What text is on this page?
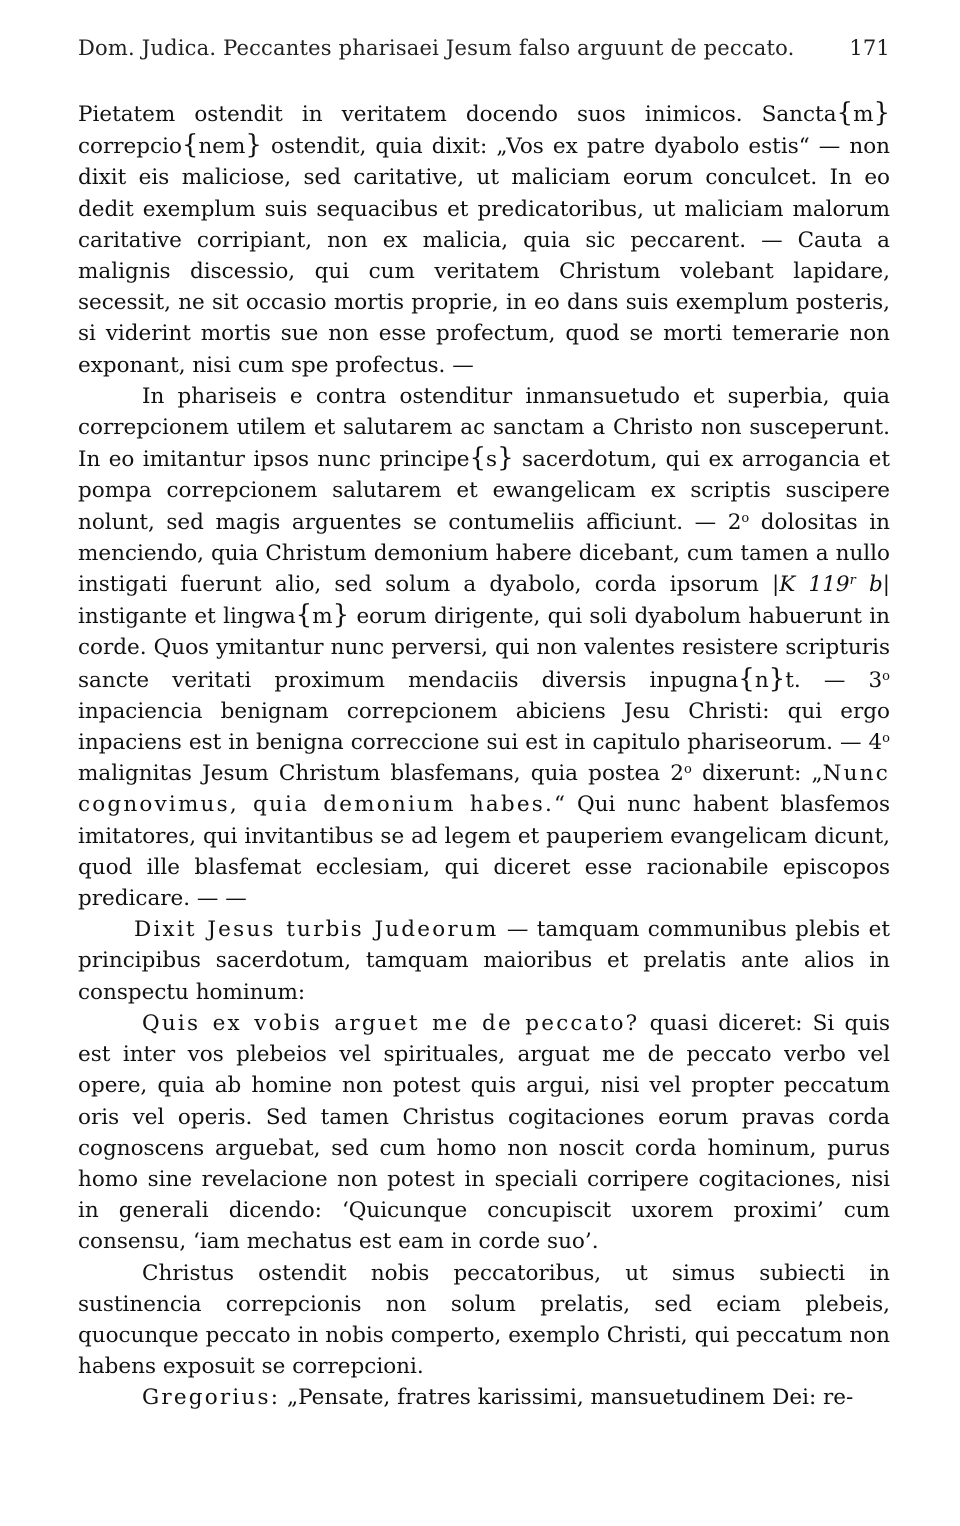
Dom. Judica. Peccantes pharisaei Jesum falso arguunt de peccato.	171

Pietatem ostendit in veritatem docendo suos inimicos. Sancta{m} correpcio{nem} ostendit, quia dixit: „Vos ex patre dyabolo estis“ — non dixit eis maliciose, sed caritative, ut maliciam eorum conculcet. In eo dedit exemplum suis sequacibus et predicatoribus, ut maliciam malorum caritative corripiant, non ex malicia, quia sic peccarent. — Cauta a malignis discessio, qui cum veritatem Christum volebant lapidare, secessit, ne sit occasio mortis proprie, in eo dans suis exemplum posteris, si viderint mortis sue non esse profectum, quod se morti temerarie non exponant, nisi cum spe profectus. —

In phariseis e contra ostenditur inmansuetudo et superbia, quia correpcionem utilem et salutarem ac sanctam a Christo non susceperunt. In eo imitantur ipsos nunc principe{s} sacerdotum, qui ex arrogancia et pompa correpcionem salutarem et ewangelicam ex scriptis suscipere nolunt, sed magis arguentes se contumeliis afficiunt. — 2$^o$ dolositas in menciendo, quia Christum demonium habere dicebant, cum tamen a nullo instigati fuerunt alio, sed solum a dyabolo, corda ipsorum |K 119$^r$ b| instigante et lingwa{m} eorum dirigente, qui soli dyabolum habuerunt in corde. Quos ymitantur nunc perversi, qui non valentes resistere scripturis sancte veritati proximum mendaciis diversis inpugna{n}t. — 3$^o$ inpaciencia benignam correpcionem abiciens Jesu Christi: qui ergo inpaciens est in benigna correccione sui est in capitulo phariseorum. — 4$^o$ malignitas Jesum Christum blasfemans, quia postea 2$^o$ dixerunt: „Nunc cognovimus, quia demonium habes.“ Qui nunc habent blasfemos imitatores, qui invitantibus se ad legem et pauperiem evangelicam dicunt, quod ille blasfemat ecclesiam, qui diceret esse racionabile episcopos predicare. — —

Dixit Jesus turbis Judeorum — tamquam communibus plebis et principibus sacerdotum, tamquam maioribus et prelatis ante alios in conspectu hominum:

Quis ex vobis arguet me de peccato? quasi diceret: Si quis est inter vos plebeios vel spirituales, arguat me de peccato verbo vel opere, quia ab homine non potest quis argui, nisi vel propter peccatum oris vel operis. Sed tamen Christus cogitaciones eorum pravas corda cognoscens arguebat, sed cum homo non noscit corda hominum, purus homo sine revelacione non potest in speciali corripere cogitaciones, nisi in generali dicendo: ‘Quicunque concupiscit uxorem proximi’ cum consensu, ‘iam mechatus est eam in corde suo’.

Christus ostendit nobis peccatoribus, ut simus subiecti in sustinencia correpcionis non solum prelatis, sed eciam plebeis, quocunque peccato in nobis comperto, exemplo Christi, qui peccatum non habens exposuit se correpcioni.

Gregorius: „Pensate, fratres karissimi, mansuetudinem Dei: re-
